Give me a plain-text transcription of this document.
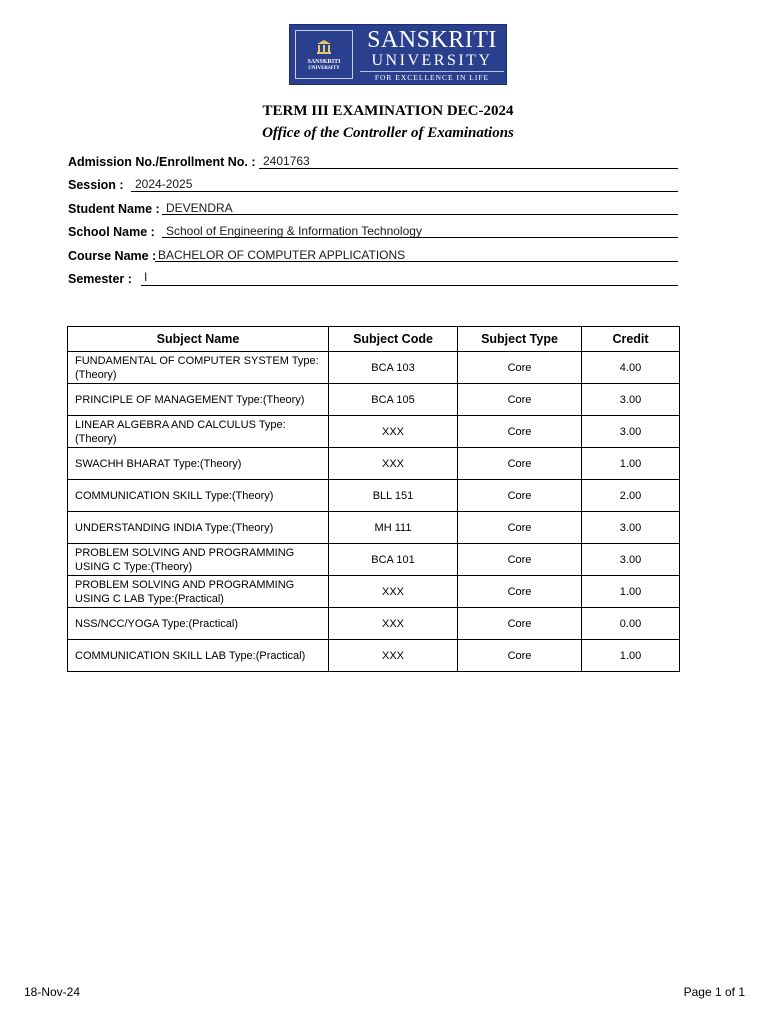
SANSKRITI
UNIVERSITY
SANSKRITI
UNIVERSITY
FOR EXCELLENCE IN LIFE
TERM III EXAMINATION DEC-2024
Office of the Controller of Examinations
Admission No./Enrollment No. : 2401763
Session : 2024-2025
Student Name : DEVENDRA
School Name : School of Engineering & Information Technology
Course Name : BACHELOR OF COMPUTER APPLICATIONS
Semester : I
Subject Name	Subject Code	Subject Type	Credit
FUNDAMENTAL OF COMPUTER SYSTEM Type:(Theory)	BCA 103	Core	4.00
PRINCIPLE OF MANAGEMENT Type:(Theory)	BCA 105	Core	3.00
LINEAR ALGEBRA AND CALCULUS Type:(Theory)	XXX	Core	3.00
SWACHH BHARAT Type:(Theory)	XXX	Core	1.00
COMMUNICATION SKILL Type:(Theory)	BLL 151	Core	2.00
UNDERSTANDING INDIA Type:(Theory)	MH 111	Core	3.00
PROBLEM SOLVING AND PROGRAMMING USING C Type:(Theory)	BCA 101	Core	3.00
PROBLEM SOLVING AND PROGRAMMING USING C LAB Type:(Practical)	XXX	Core	1.00
NSS/NCC/YOGA Type:(Practical)	XXX	Core	0.00
COMMUNICATION SKILL LAB Type:(Practical)	XXX	Core	1.00
18-Nov-24	Page 1 of 1
